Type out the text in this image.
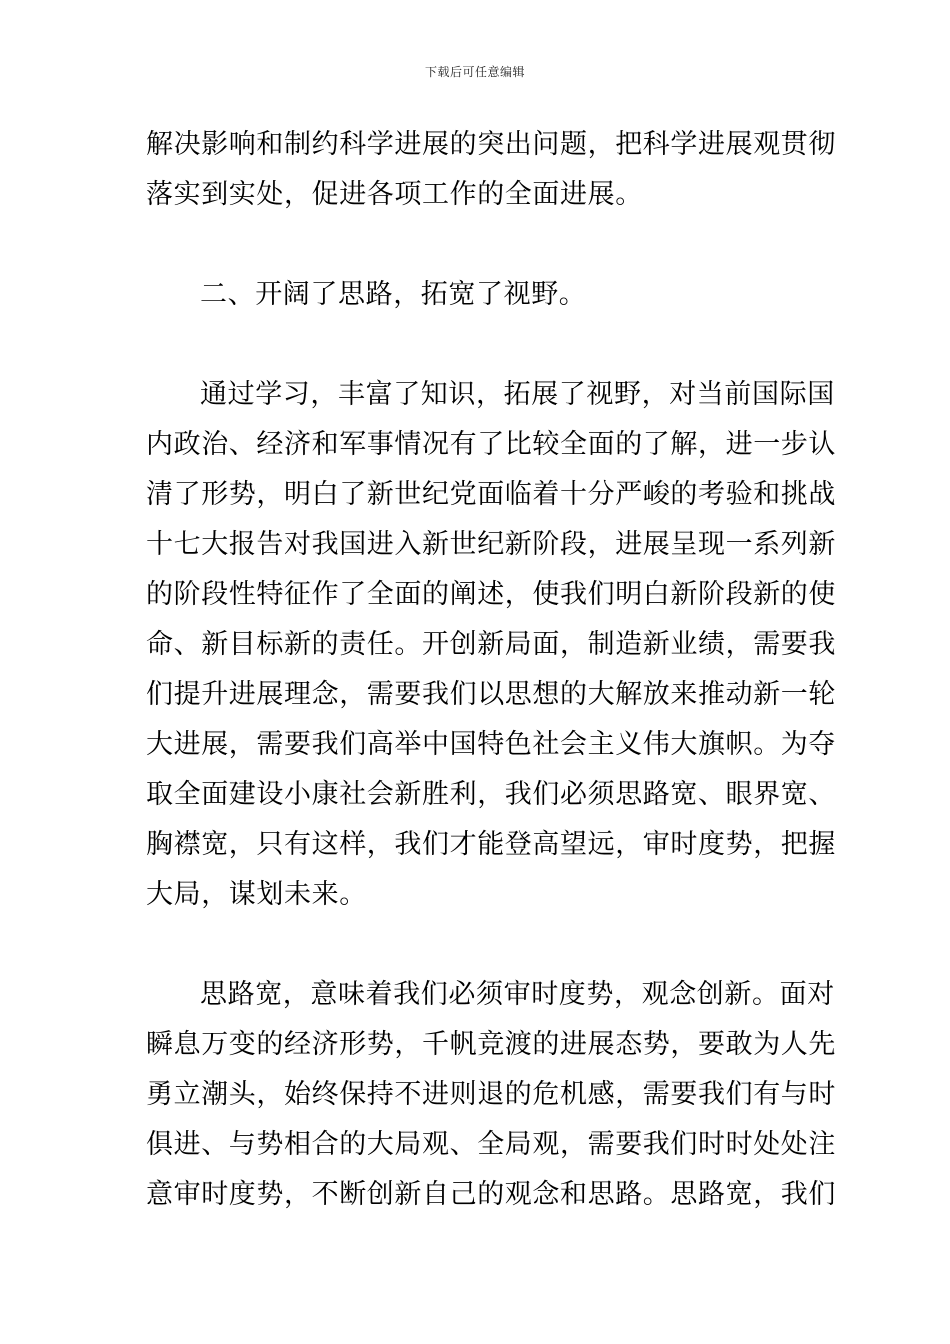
下载后可任意编辑
解决影响和制约科学进展的突出问题，把科学进展观贯彻
落实到实处，促进各项工作的全面进展。
二、开阔了思路，拓宽了视野。
通过学习，丰富了知识，拓展了视野，对当前国际国
内政治、经济和军事情况有了比较全面的了解，进一步认
清了形势，明白了新世纪党面临着十分严峻的考验和挑战
十七大报告对我国进入新世纪新阶段，进展呈现一系列新
的阶段性特征作了全面的阐述，使我们明白新阶段新的使
命、新目标新的责任。开创新局面，制造新业绩，需要我
们提升进展理念，需要我们以思想的大解放来推动新一轮
大进展，需要我们高举中国特色社会主义伟大旗帜。为夺
取全面建设小康社会新胜利，我们必须思路宽、眼界宽、
胸襟宽，只有这样，我们才能登高望远，审时度势，把握
大局，谋划未来。
思路宽，意味着我们必须审时度势，观念创新。面对
瞬息万变的经济形势，千帆竞渡的进展态势，要敢为人先
勇立潮头，始终保持不进则退的危机感，需要我们有与时
俱进、与势相合的大局观、全局观，需要我们时时处处注
意审时度势，不断创新自己的观念和思路。思路宽，我们
